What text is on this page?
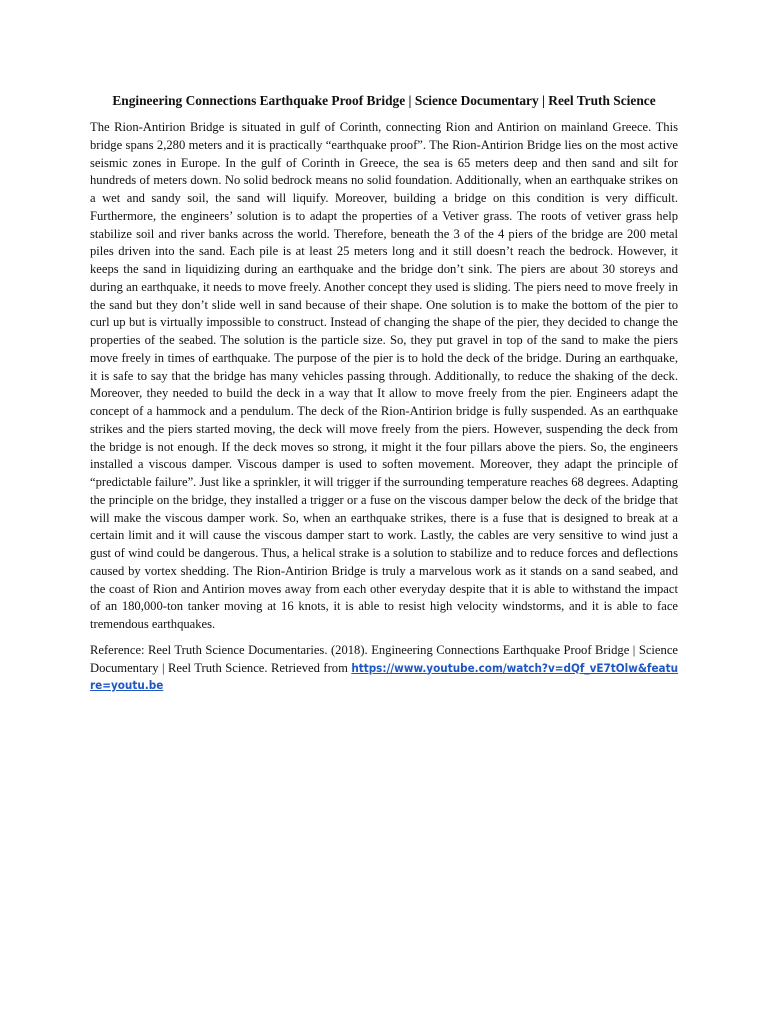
Engineering Connections Earthquake Proof Bridge | Science Documentary | Reel Truth Science

The Rion-Antirion Bridge is situated in gulf of Corinth, connecting Rion and Antirion on mainland Greece. This bridge spans 2,280 meters and it is practically “earthquake proof”. The Rion-Antirion Bridge lies on the most active seismic zones in Europe. In the gulf of Corinth in Greece, the sea is 65 meters deep and then sand and silt for hundreds of meters down. No solid bedrock means no solid foundation. Additionally, when an earthquake strikes on a wet and sandy soil, the sand will liquify. Moreover, building a bridge on this condition is very difficult. Furthermore, the engineers’ solution is to adapt the properties of a Vetiver grass. The roots of vetiver grass help stabilize soil and river banks across the world. Therefore, beneath the 3 of the 4 piers of the bridge are 200 metal piles driven into the sand. Each pile is at least 25 meters long and it still doesn’t reach the bedrock. However, it keeps the sand in liquidizing during an earthquake and the bridge don’t sink. The piers are about 30 storeys and during an earthquake, it needs to move freely. Another concept they used is sliding. The piers need to move freely in the sand but they don’t slide well in sand because of their shape. One solution is to make the bottom of the pier to curl up but is virtually impossible to construct. Instead of changing the shape of the pier, they decided to change the properties of the seabed. The solution is the particle size. So, they put gravel in top of the sand to make the piers move freely in times of earthquake. The purpose of the pier is to hold the deck of the bridge. During an earthquake, it is safe to say that the bridge has many vehicles passing through. Additionally, to reduce the shaking of the deck. Moreover, they needed to build the deck in a way that It allow to move freely from the pier. Engineers adapt the concept of a hammock and a pendulum. The deck of the Rion-Antirion bridge is fully suspended. As an earthquake strikes and the piers started moving, the deck will move freely from the piers. However, suspending the deck from the bridge is not enough. If the deck moves so strong, it might it the four pillars above the piers. So, the engineers installed a viscous damper. Viscous damper is used to soften movement. Moreover, they adapt the principle of “predictable failure”. Just like a sprinkler, it will trigger if the surrounding temperature reaches 68 degrees. Adapting the principle on the bridge, they installed a trigger or a fuse on the viscous damper below the deck of the bridge that will make the viscous damper work. So, when an earthquake strikes, there is a fuse that is designed to break at a certain limit and it will cause the viscous damper start to work. Lastly, the cables are very sensitive to wind just a gust of wind could be dangerous. Thus, a helical strake is a solution to stabilize and to reduce forces and deflections caused by vortex shedding. The Rion-Antirion Bridge is truly a marvelous work as it stands on a sand seabed, and the coast of Rion and Antirion moves away from each other everyday despite that it is able to withstand the impact of an 180,000-ton tanker moving at 16 knots, it is able to resist high velocity windstorms, and it is able to face tremendous earthquakes.

Reference: Reel Truth Science Documentaries. (2018). Engineering Connections Earthquake Proof Bridge | Science Documentary | Reel Truth Science. Retrieved from https://www.youtube.com/watch?v=dQf_vE7tOlw&feature=youtu.be
